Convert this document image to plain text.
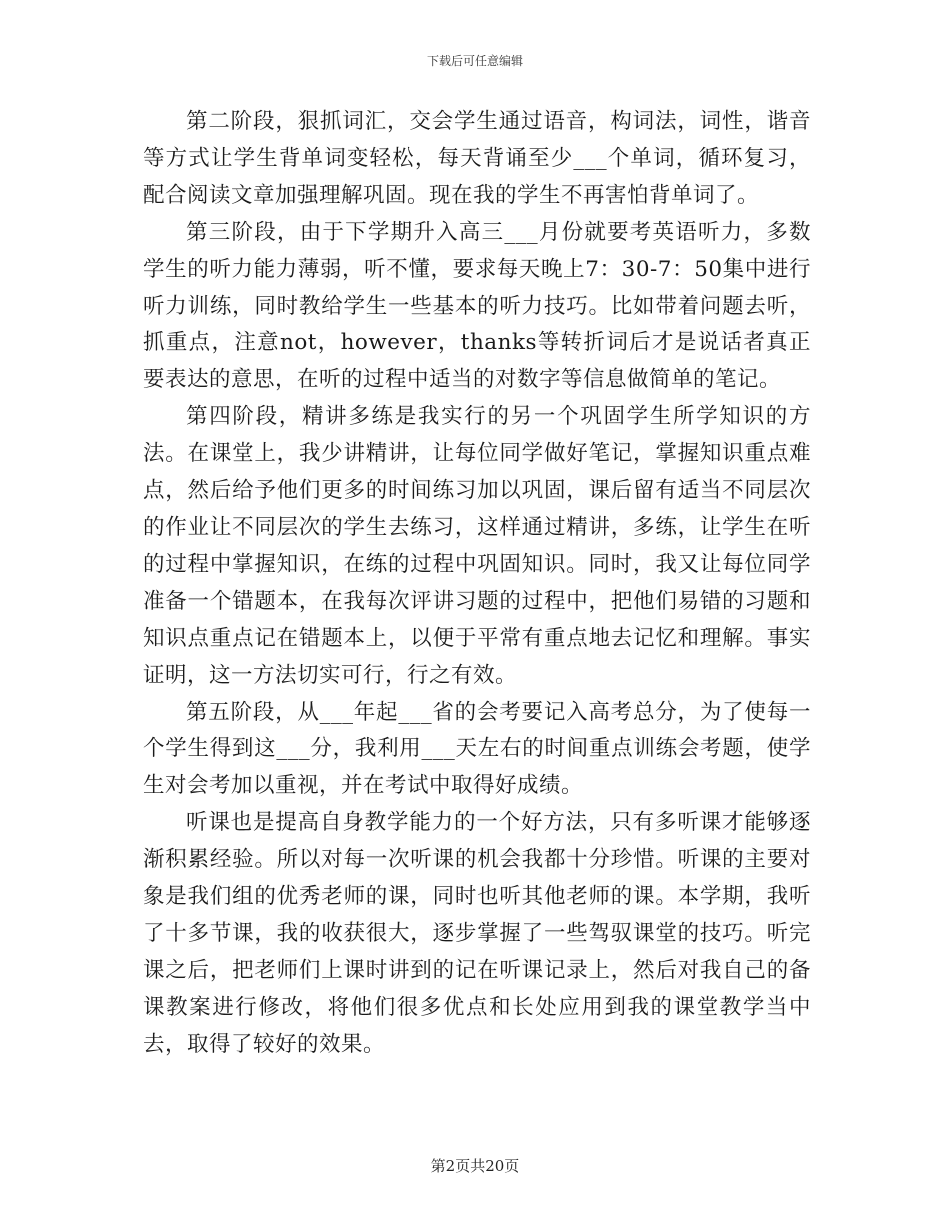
下载后可任意编辑

第二阶段，狠抓词汇，交会学生通过语音，构词法，词性，谐音等方式让学生背单词变轻松，每天背诵至少___个单词，循环复习，配合阅读文章加强理解巩固。现在我的学生不再害怕背单词了。

第三阶段，由于下学期升入高三___月份就要考英语听力，多数学生的听力能力薄弱，听不懂，要求每天晚上7：30-7：50集中进行听力训练，同时教给学生一些基本的听力技巧。比如带着问题去听，抓重点，注意not，however，thanks等转折词后才是说话者真正要表达的意思，在听的过程中适当的对数字等信息做简单的笔记。

第四阶段，精讲多练是我实行的另一个巩固学生所学知识的方法。在课堂上，我少讲精讲，让每位同学做好笔记，掌握知识重点难点，然后给予他们更多的时间练习加以巩固，课后留有适当不同层次的作业让不同层次的学生去练习，这样通过精讲，多练，让学生在听的过程中掌握知识，在练的过程中巩固知识。同时，我又让每位同学准备一个错题本，在我每次评讲习题的过程中，把他们易错的习题和知识点重点记在错题本上，以便于平常有重点地去记忆和理解。事实证明，这一方法切实可行，行之有效。

第五阶段，从___年起___省的会考要记入高考总分，为了使每一个学生得到这___分，我利用___天左右的时间重点训练会考题，使学生对会考加以重视，并在考试中取得好成绩。

听课也是提高自身教学能力的一个好方法，只有多听课才能够逐渐积累经验。所以对每一次听课的机会我都十分珍惜。听课的主要对象是我们组的优秀老师的课，同时也听其他老师的课。本学期，我听了十多节课，我的收获很大，逐步掌握了一些驾驭课堂的技巧。听完课之后，把老师们上课时讲到的记在听课记录上，然后对我自己的备课教案进行修改，将他们很多优点和长处应用到我的课堂教学当中去，取得了较好的效果。

第2页共20页
